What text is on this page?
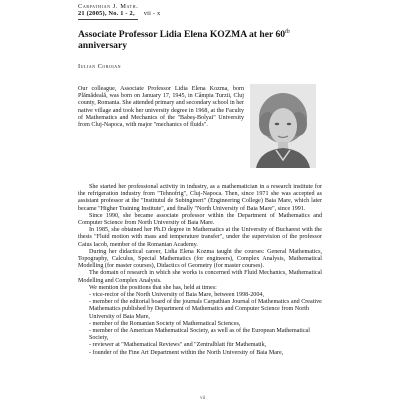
Carpathian J. Math.
21 (2005), No. 1 - 2, vii - x
Associate Professor Lidia Elena KOZMA at her 60th
anniversary
Iulian Coroian
Our colleague, Associate Professor Lidia Elena Kozma, born Plămădeală, was born on January 17, 1945, in Câmpia Turzii, Cluj county, Romania. She attended primary and secondary school in her native village and took her university degree in 1968, at the Faculty of Mathematics and Mechanics of the "Babeş-Bolyai" University from Cluj-Napoca, with major "mechanics of fluids".

She started her professional activity in industry, as a mathematician in a research institute for the refrigeration industry from "Tehnofrig", Cluj-Napoca. Then, since 1971 she was accepted as assistant professor at the "Institutul de Subingineri" (Engineering College) Baia Mare, which later became "Higher Training Institute", and finally "North University of Baia Mare", since 1991.

Since 1990, she became associate professor within the Department of Mathematics and Computer Science from North University of Baia Mare.

In 1985, she obtained her Ph.D degree in Mathematics at the University of Bucharest with the thesis "Fluid motion with mass and temperature transfer", under the supervision of the professor Caius Iacob, member of the Romanian Academy.

During her didactical career, Lidia Elena Kozma taught the courses: General Mathematics, Topography, Calculus, Special Mathematics (for engineers), Complex Analysis, Mathematical Modelling (for master courses), Didactics of Geometry (for master courses).

The domain of research in which she works is concerned with Fluid Mechanics, Mathematical Modelling and Complex Analysis.

We mention the positions that she has, held at times:

- vice-rector of the North University of Baia Mare, between 1998-2004,
- member of the editorial board of the journals Carpathian Journal of Mathematics and Creative Mathematics published by Department of Mathematics and Computer Science from North University of Baia Mare,
- member of the Romanian Society of Mathematical Sciences,
- member of the American Mathematical Society, as well as of the European Mathematical Society,
- reviewer at "Mathematical Reviews" and "Zentralblatt für Mathematik,
- founder of the Fine Art Department within the North University of Baia Mare,
vii
